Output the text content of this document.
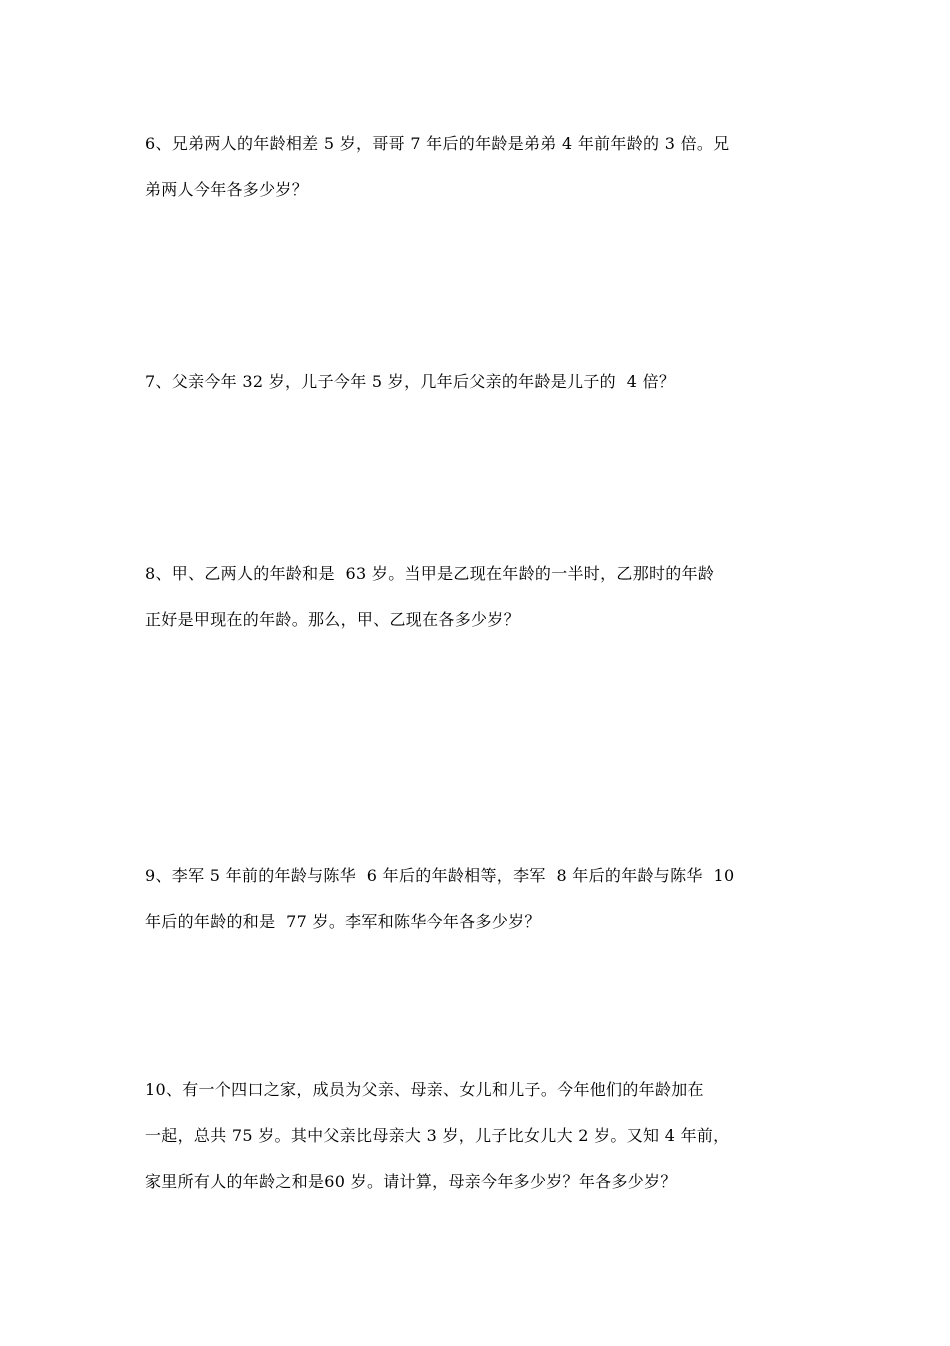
6、兄弟两人的年龄相差 5 岁，哥哥 7 年后的年龄是弟弟 4 年前年龄的 3 倍。兄
弟两人今年各多少岁？
7、父亲今年 32 岁，儿子今年 5 岁，几年后父亲的年龄是儿子的  4 倍？
8、甲、乙两人的年龄和是  63 岁。当甲是乙现在年龄的一半时，乙那时的年龄
正好是甲现在的年龄。那么，甲、乙现在各多少岁？
9、李军 5 年前的年龄与陈华  6 年后的年龄相等，李军  8 年后的年龄与陈华  10
年后的年龄的和是  77 岁。李军和陈华今年各多少岁？
10、有一个四口之家，成员为父亲、母亲、女儿和儿子。今年他们的年龄加在
一起，总共 75 岁。其中父亲比母亲大 3 岁，儿子比女儿大 2 岁。又知 4 年前，
家里所有人的年龄之和是60 岁。请计算，母亲今年多少岁？年各多少岁？
